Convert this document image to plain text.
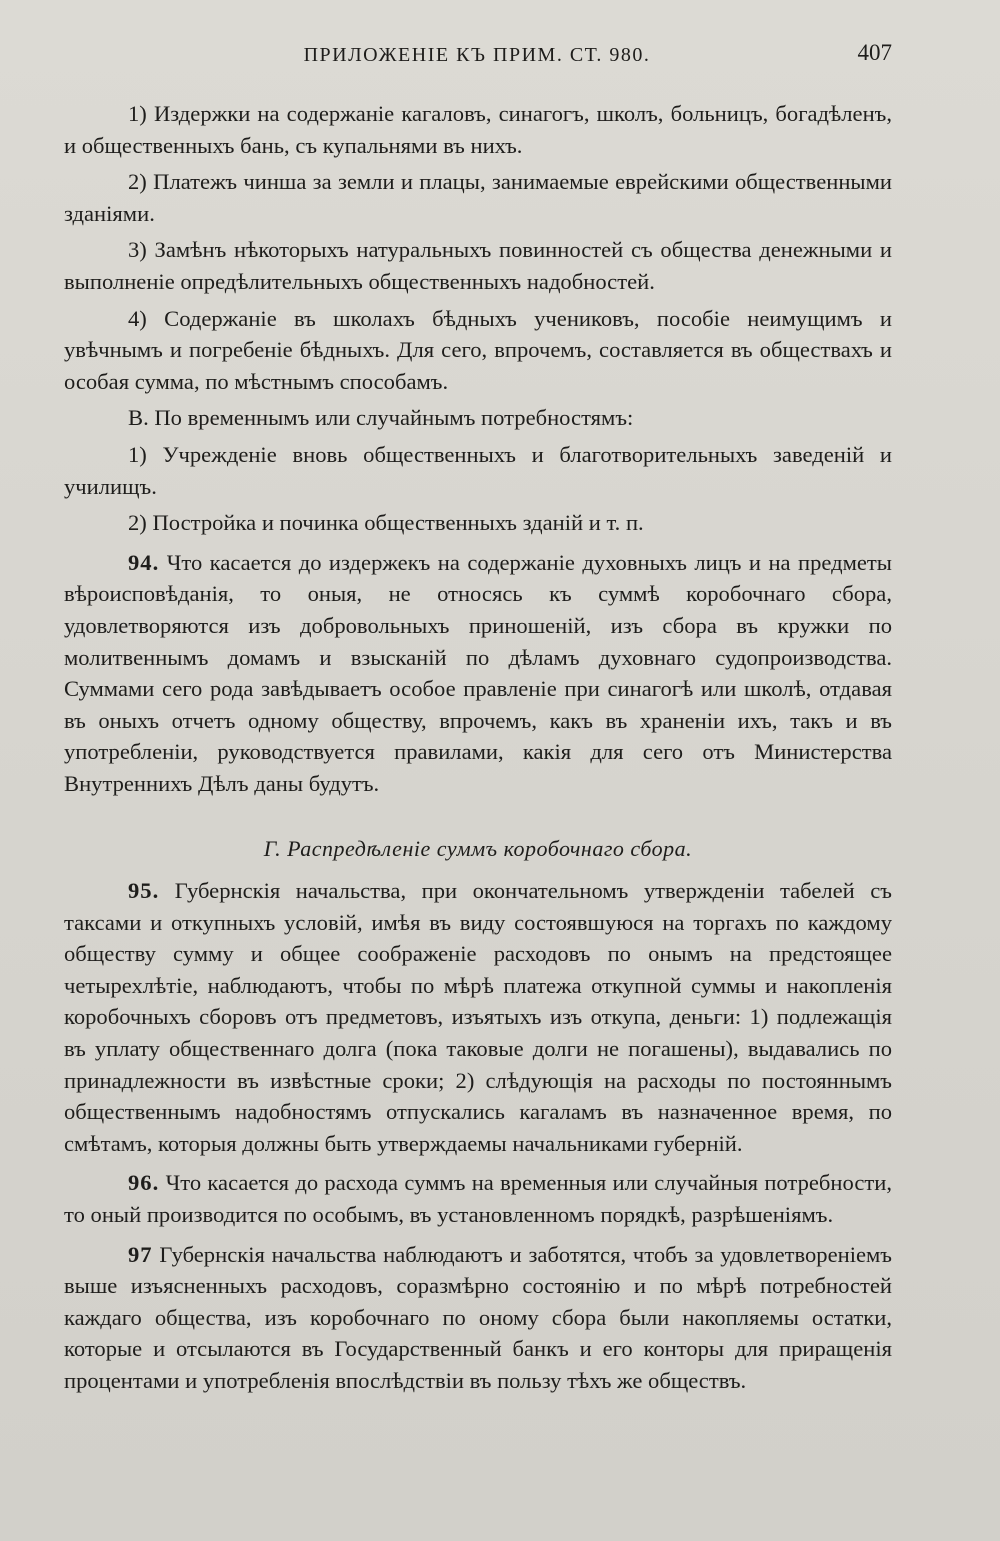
ПРИЛОЖЕНІЕ КЪ ПРИМ. СТ. 980.	407

1) Издержки на содержаніе кагаловъ, синагогъ, школъ, больницъ, богадѣленъ, и общественныхъ бань, съ купальнями въ нихъ.

2) Платежъ чинша за земли и плацы, занимаемые еврейскими общественными зданіями.

3) Замѣнъ нѣкоторыхъ натуральныхъ повинностей съ общества денежными и выполненіе опредѣлительныхъ общественныхъ надобностей.

4) Содержаніе въ школахъ бѣдныхъ учениковъ, пособіе неимущимъ и увѣчнымъ и погребеніе бѣдныхъ. Для сего, впрочемъ, составляется въ обществахъ и особая сумма, по мѣстнымъ способамъ.

В. По временнымъ или случайнымъ потребностямъ:

1) Учрежденіе вновь общественныхъ и благотворительныхъ заведеній и училищъ.

2) Постройка и починка общественныхъ зданій и т. п.

94. Что касается до издержекъ на содержаніе духовныхъ лицъ и на предметы вѣроисповѣданія, то оныя, не относясь къ суммѣ коробочнаго сбора, удовлетворяются изъ добровольныхъ приношеній, изъ сбора въ кружки по молитвеннымъ домамъ и взысканій по дѣламъ духовнаго судопроизводства. Суммами сего рода завѣдываетъ особое правленіе при синагогѣ или школѣ, отдавая въ оныхъ отчетъ одному обществу, впрочемъ, какъ въ храненіи ихъ, такъ и въ употребленіи, руководствуется правилами, какія для сего отъ Министерства Внутреннихъ Дѣлъ даны будутъ.

Г. Распредѣленіе суммъ коробочнаго сбора.

95. Губернскія начальства, при окончательномъ утвержденіи табелей съ таксами и откупныхъ условій, имѣя въ виду состоявшуюся на торгахъ по каждому обществу сумму и общее соображеніе расходовъ по онымъ на предстоящее четырехлѣтіе, наблюдаютъ, чтобы по мѣрѣ платежа откупной суммы и накопленія коробочныхъ сборовъ отъ предметовъ, изъятыхъ изъ откупа, деньги: 1) подлежащія въ уплату общественнаго долга (пока таковые долги не погашены), выдавались по принадлежности въ извѣстные сроки; 2) слѣдующія на расходы по постояннымъ общественнымъ надобностямъ отпускались кагаламъ въ назначенное время, по смѣтамъ, которыя должны быть утверждаемы начальниками губерній.

96. Что касается до расхода суммъ на временныя или случайныя потребности, то оный производится по особымъ, въ установленномъ порядкѣ, разрѣшеніямъ.

97 Губернскія начальства наблюдаютъ и заботятся, чтобъ за удовлетвореніемъ выше изъясненныхъ расходовъ, соразмѣрно состоянію и по мѣрѣ потребностей каждаго общества, изъ коробочнаго по оному сбора были накопляемы остатки, которые и отсылаются въ Государственный банкъ и его конторы для приращенія процентами и употребленія впослѣдствіи въ пользу тѣхъ же обществъ.
